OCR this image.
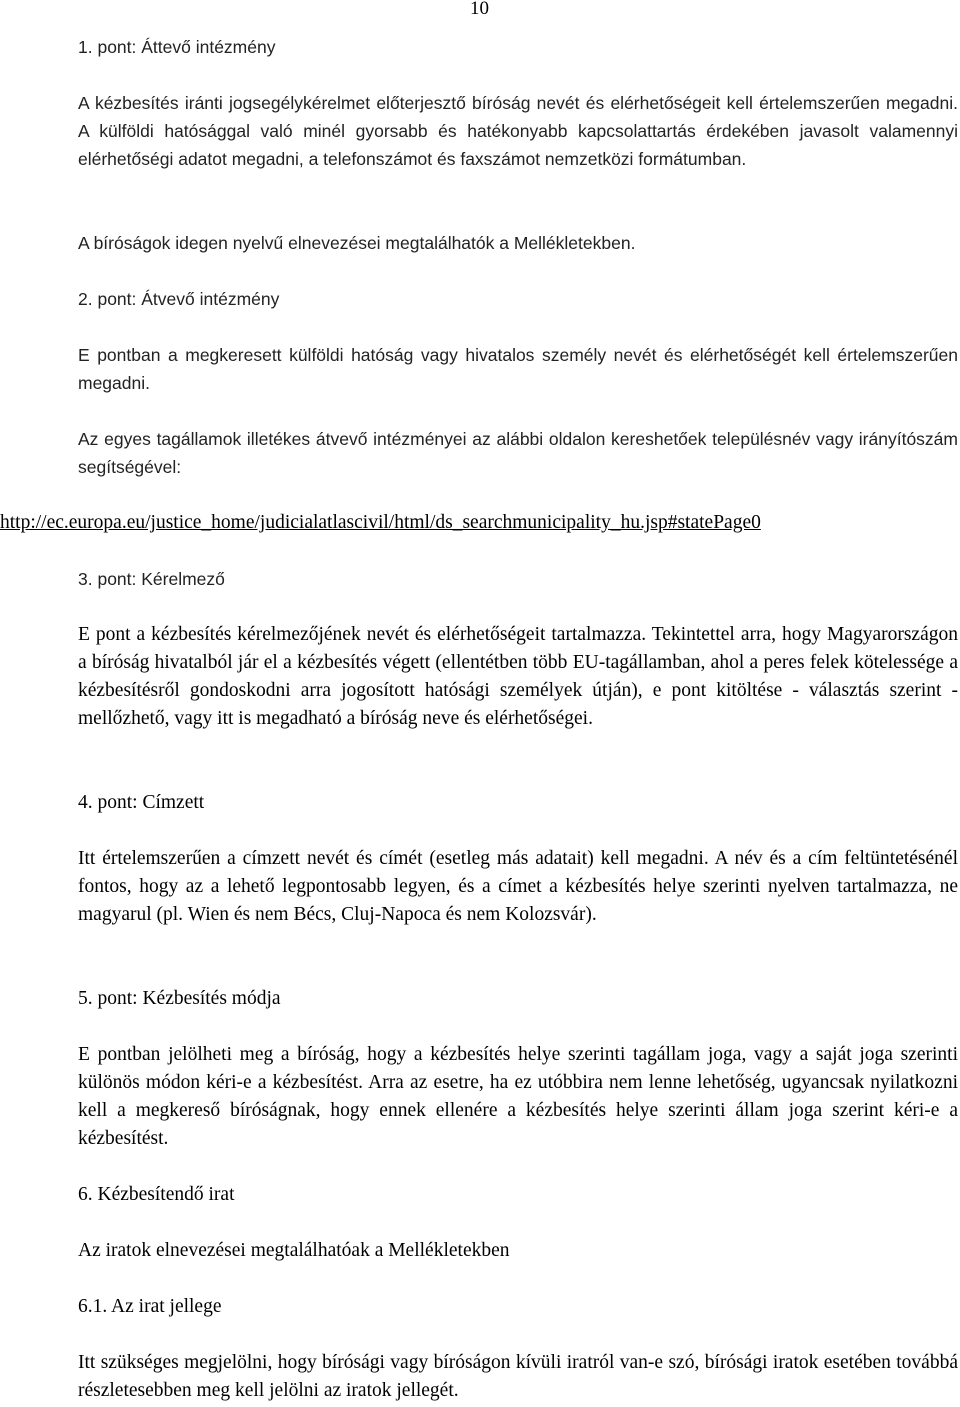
10
1. pont: Áttevő intézmény
A kézbesítés iránti jogsegélykérelmet előterjesztő bíróság nevét és elérhetőségeit kell értelemszerűen megadni. A külföldi hatósággal való minél gyorsabb és hatékonyabb kapcsolattartás érdekében javasolt valamennyi elérhetőségi adatot megadni, a telefonszámot és faxszámot nemzetközi formátumban.
A bíróságok idegen nyelvű elnevezései megtalálhatók a Mellékletekben.
2. pont: Átvevő intézmény
E pontban a megkeresett külföldi hatóság vagy hivatalos személy nevét és elérhetőségét kell értelemszerűen megadni.
Az egyes tagállamok illetékes átvevő intézményei az alábbi oldalon kereshetőek településnév vagy irányítószám segítségével:
http://ec.europa.eu/justice_home/judicialatlascivil/html/ds_searchmunicipality_hu.jsp#statePage0
3. pont: Kérelmező
E pont a kézbesítés kérelmezőjének nevét és elérhetőségeit tartalmazza. Tekintettel arra, hogy Magyarországon a bíróság hivatalból jár el a kézbesítés végett (ellentétben több EU-tagállamban, ahol a peres felek kötelessége a kézbesítésről gondoskodni arra jogosított hatósági személyek útján), e pont kitöltése - választás szerint - mellőzhető, vagy itt is megadható a bíróság neve és elérhetőségei.
4. pont: Címzett
Itt értelemszerűen a címzett nevét és címét (esetleg más adatait) kell megadni. A név és a cím feltüntetésénél fontos, hogy az a lehető legpontosabb legyen, és a címet a kézbesítés helye szerinti nyelven tartalmazza, ne magyarul (pl. Wien és nem Bécs, Cluj-Napoca és nem Kolozsvár).
5. pont: Kézbesítés módja
E pontban jelölheti meg a bíróság, hogy a kézbesítés helye szerinti tagállam joga, vagy a saját joga szerinti különös módon kéri-e a kézbesítést. Arra az esetre, ha ez utóbbira nem lenne lehetőség, ugyancsak nyilatkozni kell a megkereső bíróságnak, hogy ennek ellenére a kézbesítés helye szerinti állam joga szerint kéri-e a kézbesítést.
6. Kézbesítendő irat
Az iratok elnevezései megtalálhatóak a Mellékletekben
6.1. Az irat jellege
Itt szükséges megjelölni, hogy bírósági vagy bíróságon kívüli iratról van-e szó, bírósági iratok esetében továbbá részletesebben meg kell jelölni az iratok jellegét.
